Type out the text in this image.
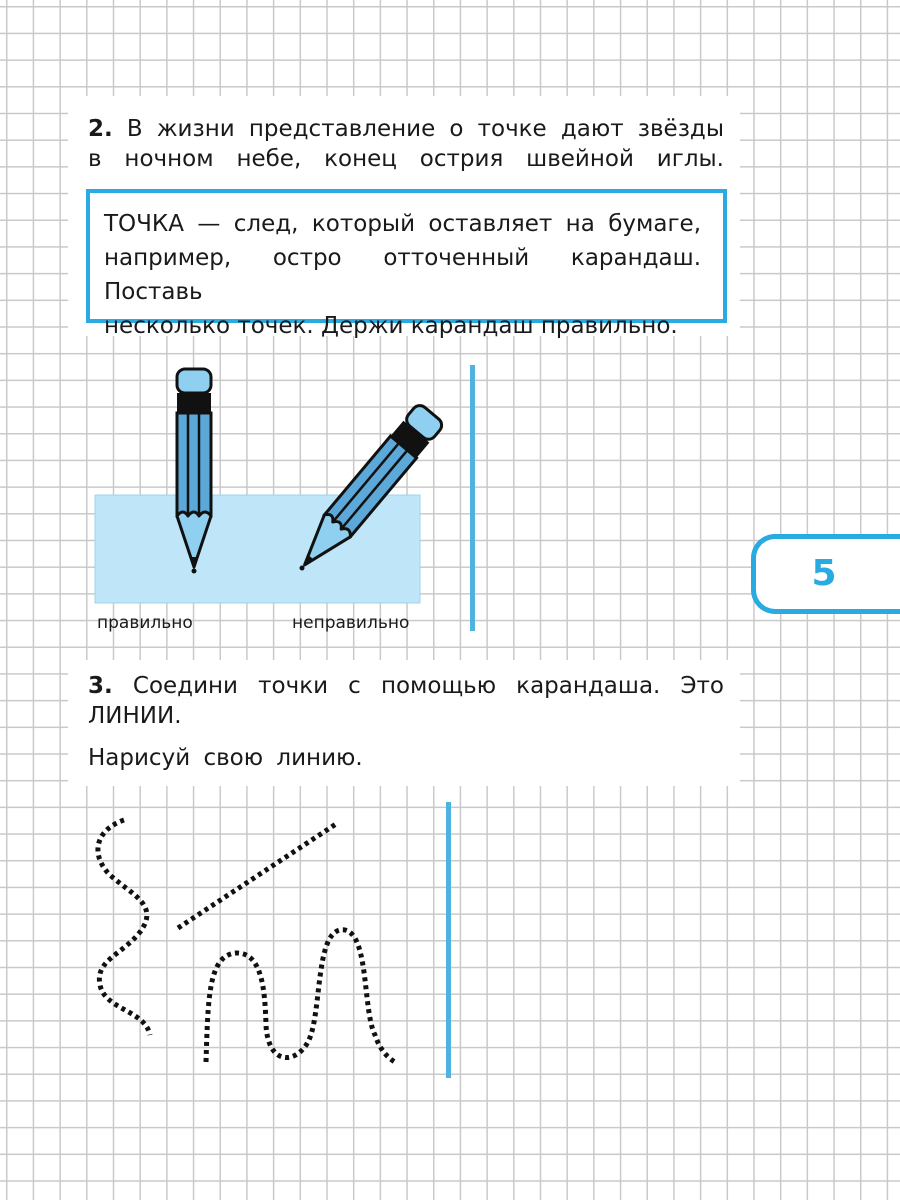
2. В жизни представление о точке дают звёзды

в ночном небе, конец острия швейной иглы.

ТОЧКА — след, который оставляет на бумаге,

например, остро отточенный карандаш. Поставь

несколько точек. Держи карандаш правильно.

правильно	неправильно

3. Соедини точки с помощью карандаша. Это

ЛИНИИ.

Нарисуй свою линию.

5
